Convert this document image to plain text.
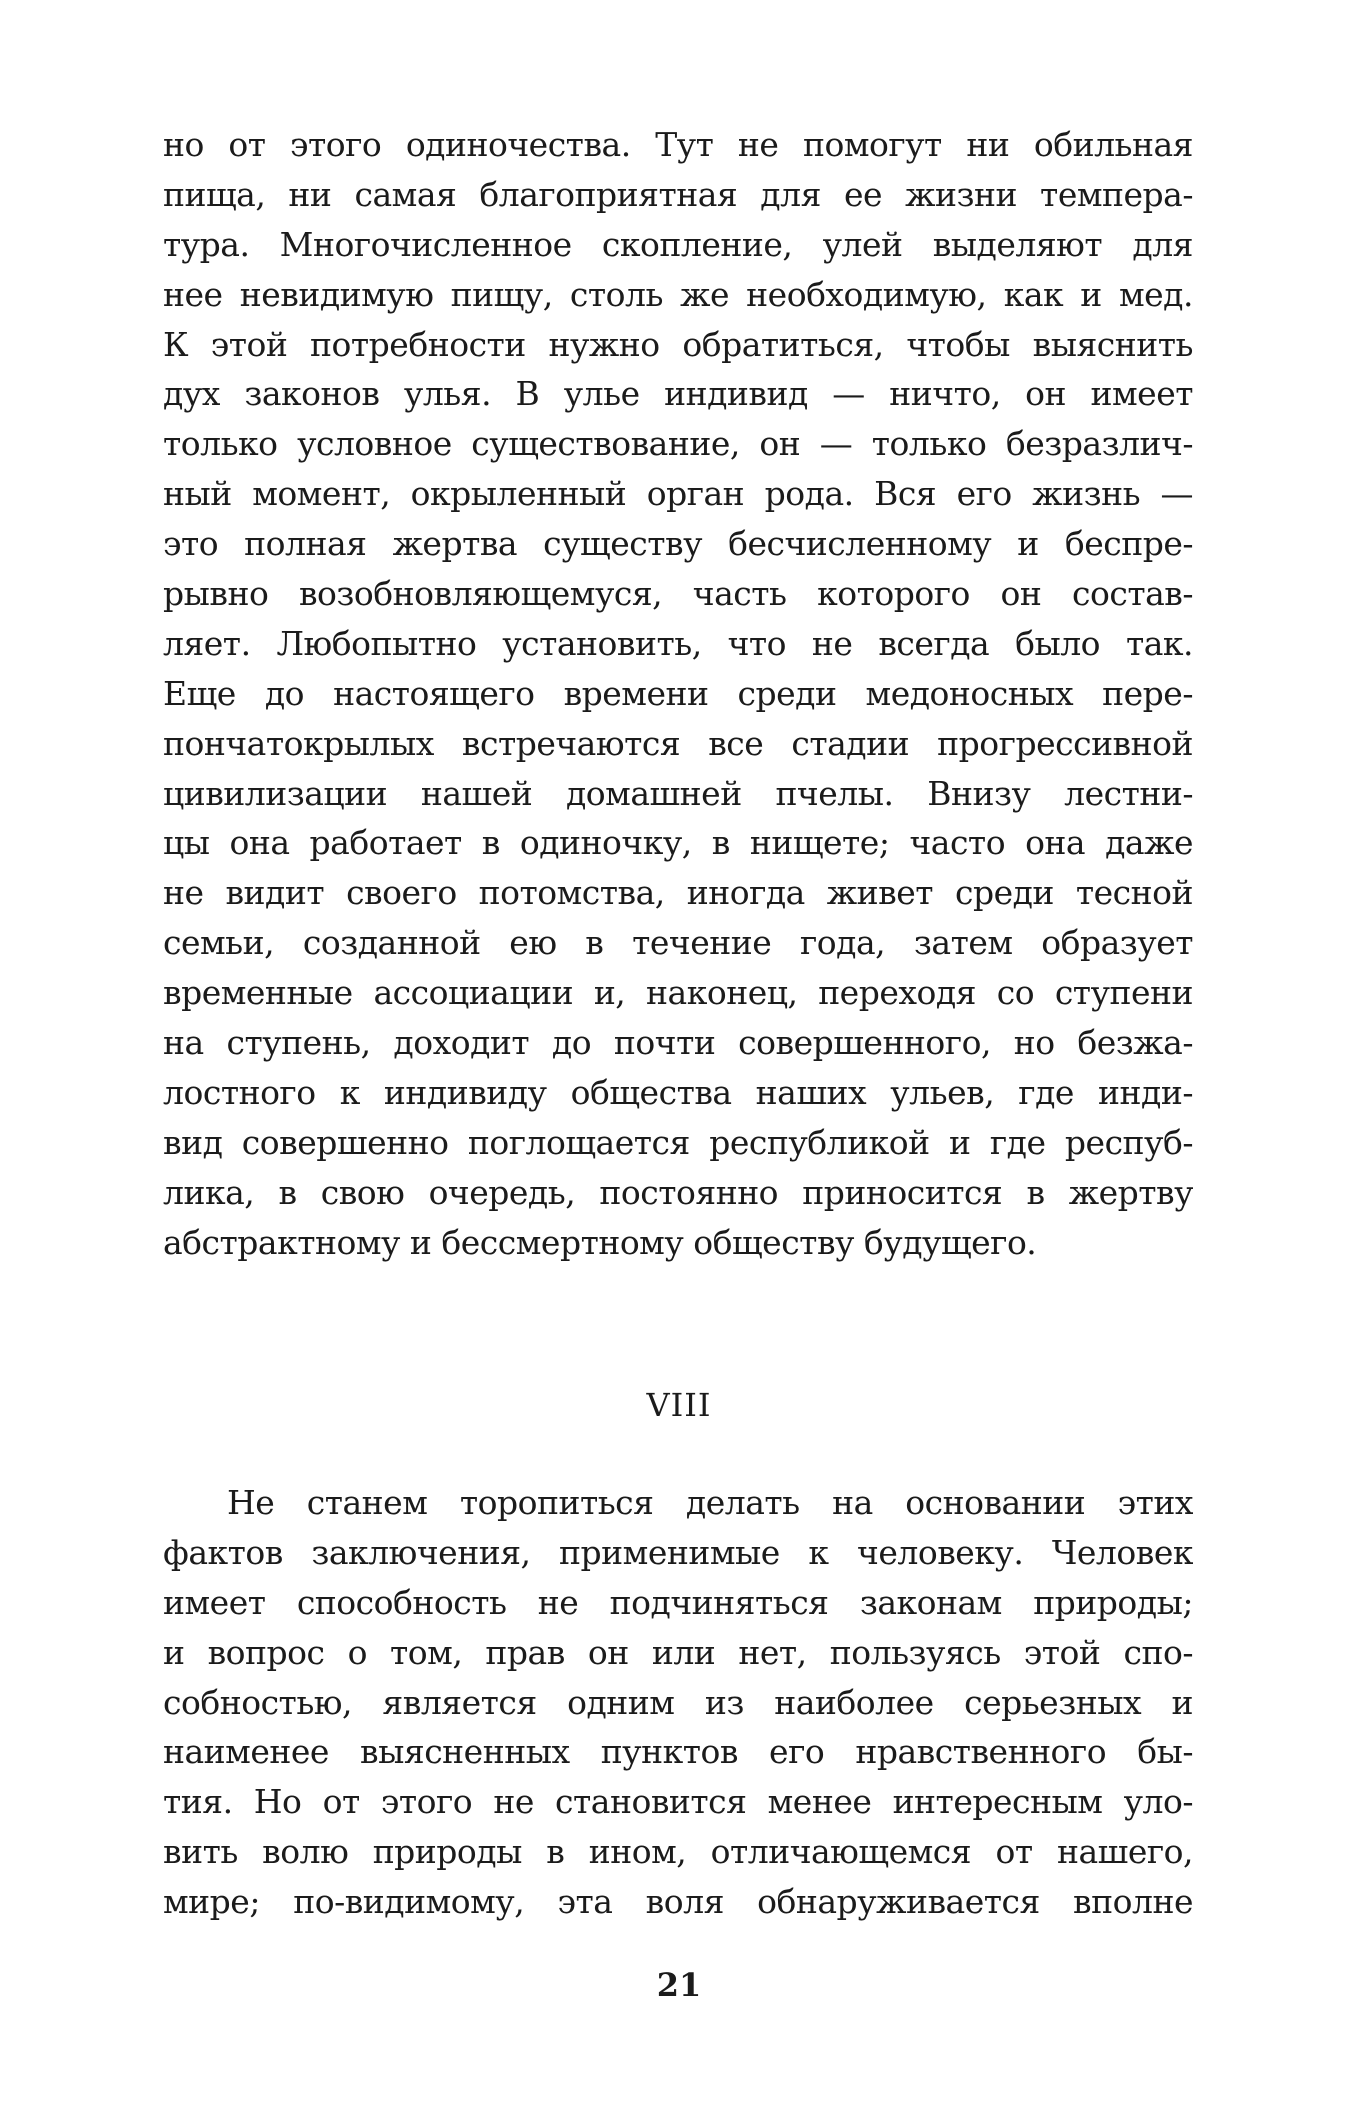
но от этого одиночества. Тут не помогут ни обильная
пища, ни самая благоприятная для ее жизни темпера-
тура. Многочисленное скопление, улей выделяют для
нее невидимую пищу, столь же необходимую, как и мед.
К этой потребности нужно обратиться, чтобы выяснить
дух законов улья. В улье индивид — ничто, он имеет
только условное существование, он — только безразлич-
ный момент, окрыленный орган рода. Вся его жизнь —
это полная жертва существу бесчисленному и беспре-
рывно возобновляющемуся, часть которого он состав-
ляет. Любопытно установить, что не всегда было так.
Еще до настоящего времени среди медоносных пере-
пончатокрылых встречаются все стадии прогрессивной
цивилизации нашей домашней пчелы. Внизу лестни-
цы она работает в одиночку, в нищете; часто она даже
не видит своего потомства, иногда живет среди тесной
семьи, созданной ею в течение года, затем образует
временные ассоциации и, наконец, переходя со ступени
на ступень, доходит до почти совершенного, но безжа-
лостного к индивиду общества наших ульев, где инди-
вид совершенно поглощается республикой и где респуб-
лика, в свою очередь, постоянно приносится в жертву
абстрактному и бессмертному обществу будущего.
VIII
Не станем торопиться делать на основании этих
фактов заключения, применимые к человеку. Человек
имеет способность не подчиняться законам природы;
и вопрос о том, прав он или нет, пользуясь этой спо-
собностью, является одним из наиболее серьезных и
наименее выясненных пунктов его нравственного бы-
тия. Но от этого не становится менее интересным уло-
вить волю природы в ином, отличающемся от нашего,
мире; по-видимому, эта воля обнаруживается вполне
21
